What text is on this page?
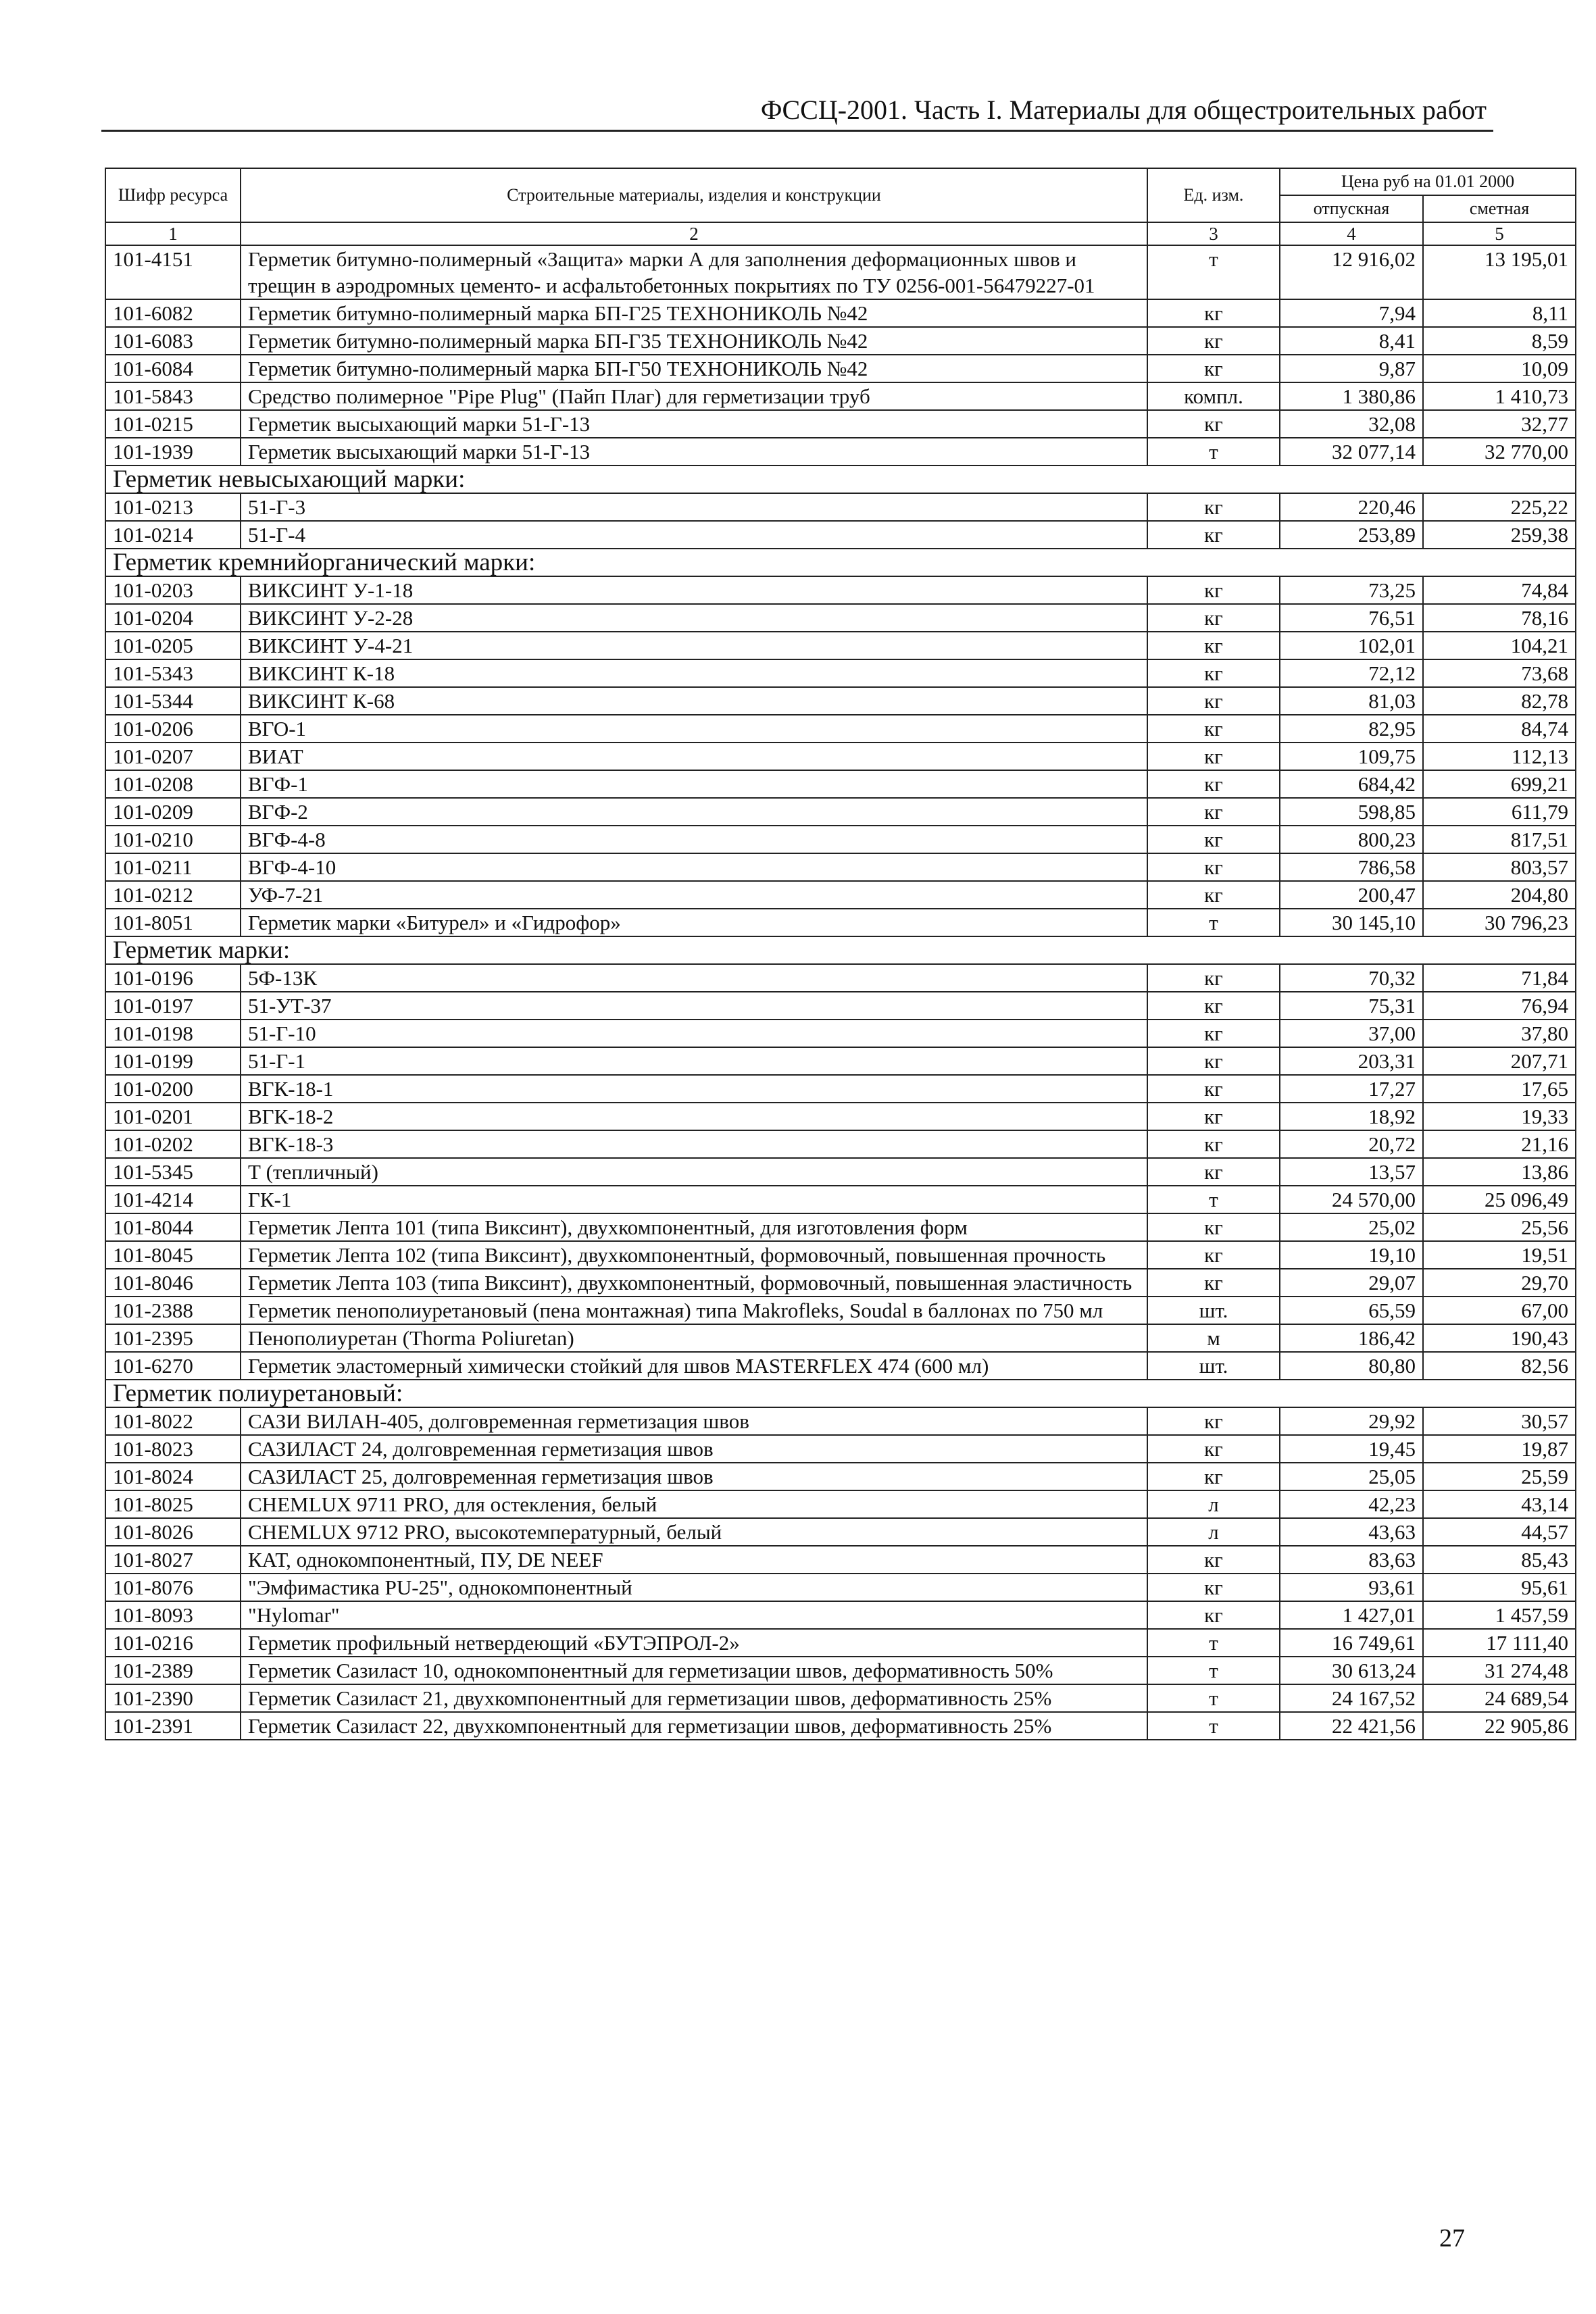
ФССЦ-2001. Часть I. Материалы для общестроительных работ
Шифр ресурса	Строительные материалы, изделия и конструкции	Ед. изм.	Цена руб на 01.01 2000	
			отпускная	сметная
1	2	3	4	5
101-4151	Герметик битумно-полимерный «Защита» марки А для заполнения деформационных швов и трещин в аэродромных цементо- и асфальтобетонных покрытиях по ТУ 0256-001-56479227-01	т	12 916,02	13 195,01
101-6082	Герметик битумно-полимерный марка БП-Г25 ТЕХНОНИКОЛЬ №42	кг	7,94	8,11
101-6083	Герметик битумно-полимерный марка БП-Г35 ТЕХНОНИКОЛЬ №42	кг	8,41	8,59
101-6084	Герметик битумно-полимерный марка БП-Г50 ТЕХНОНИКОЛЬ №42	кг	9,87	10,09
101-5843	Средство полимерное "Pipe Plug" (Пайп Плаг) для герметизации труб	компл.	1 380,86	1 410,73
101-0215	Герметик высыхающий марки 51-Г-13	кг	32,08	32,77
101-1939	Герметик высыхающий марки 51-Г-13	т	32 077,14	32 770,00
Герметик невысыхающий марки:				
101-0213	51-Г-3	кг	220,46	225,22
101-0214	51-Г-4	кг	253,89	259,38
Герметик кремнийорганический марки:				
101-0203	ВИКСИНТ У-1-18	кг	73,25	74,84
101-0204	ВИКСИНТ У-2-28	кг	76,51	78,16
101-0205	ВИКСИНТ У-4-21	кг	102,01	104,21
101-5343	ВИКСИНТ К-18	кг	72,12	73,68
101-5344	ВИКСИНТ К-68	кг	81,03	82,78
101-0206	ВГО-1	кг	82,95	84,74
101-0207	ВИАТ	кг	109,75	112,13
101-0208	ВГФ-1	кг	684,42	699,21
101-0209	ВГФ-2	кг	598,85	611,79
101-0210	ВГФ-4-8	кг	800,23	817,51
101-0211	ВГФ-4-10	кг	786,58	803,57
101-0212	УФ-7-21	кг	200,47	204,80
101-8051	Герметик марки «Битурел» и «Гидрофор»	т	30 145,10	30 796,23
Герметик марки:				
101-0196	5Ф-13К	кг	70,32	71,84
101-0197	51-УТ-37	кг	75,31	76,94
101-0198	51-Г-10	кг	37,00	37,80
101-0199	51-Г-1	кг	203,31	207,71
101-0200	ВГК-18-1	кг	17,27	17,65
101-0201	ВГК-18-2	кг	18,92	19,33
101-0202	ВГК-18-3	кг	20,72	21,16
101-5345	Т (тепличный)	кг	13,57	13,86
101-4214	ГК-1	т	24 570,00	25 096,49
101-8044	Герметик Лепта 101 (типа Виксинт), двухкомпонентный, для изготовления форм	кг	25,02	25,56
101-8045	Герметик Лепта 102 (типа Виксинт), двухкомпонентный, формовочный, повышенная прочность	кг	19,10	19,51
101-8046	Герметик Лепта 103 (типа Виксинт), двухкомпонентный, формовочный, повышенная эластичность	кг	29,07	29,70
101-2388	Герметик пенополиуретановый (пена монтажная) типа Makrofleks, Soudal в баллонах по 750 мл	шт.	65,59	67,00
101-2395	Пенополиуретан (Thorma Poliuretan)	м	186,42	190,43
101-6270	Герметик эластомерный химически стойкий для швов MASTERFLEX 474 (600 мл)	шт.	80,80	82,56
Герметик полиуретановый:				
101-8022	САЗИ ВИЛАН-405, долговременная герметизация швов	кг	29,92	30,57
101-8023	САЗИЛАСТ 24, долговременная герметизация швов	кг	19,45	19,87
101-8024	САЗИЛАСТ 25, долговременная герметизация швов	кг	25,05	25,59
101-8025	CHEMLUX 9711 PRO, для остекления, белый	л	42,23	43,14
101-8026	CHEMLUX 9712 PRO, высокотемпературный, белый	л	43,63	44,57
101-8027	КАТ, однокомпонентный, ПУ, DE NEEF	кг	83,63	85,43
101-8076	"Эмфимастика PU-25", однокомпонентный	кг	93,61	95,61
101-8093	"Hylomar"	кг	1 427,01	1 457,59
101-0216	Герметик профильный нетвердеющий «БУТЭПРОЛ-2»	т	16 749,61	17 111,40
101-2389	Герметик Сазиласт 10, однокомпонентный для герметизации швов, деформативность 50%	т	30 613,24	31 274,48
101-2390	Герметик Сазиласт 21, двухкомпонентный для герметизации швов, деформативность 25%	т	24 167,52	24 689,54
101-2391	Герметик Сазиласт 22, двухкомпонентный для герметизации швов, деформативность 25%	т	22 421,56	22 905,86
27
